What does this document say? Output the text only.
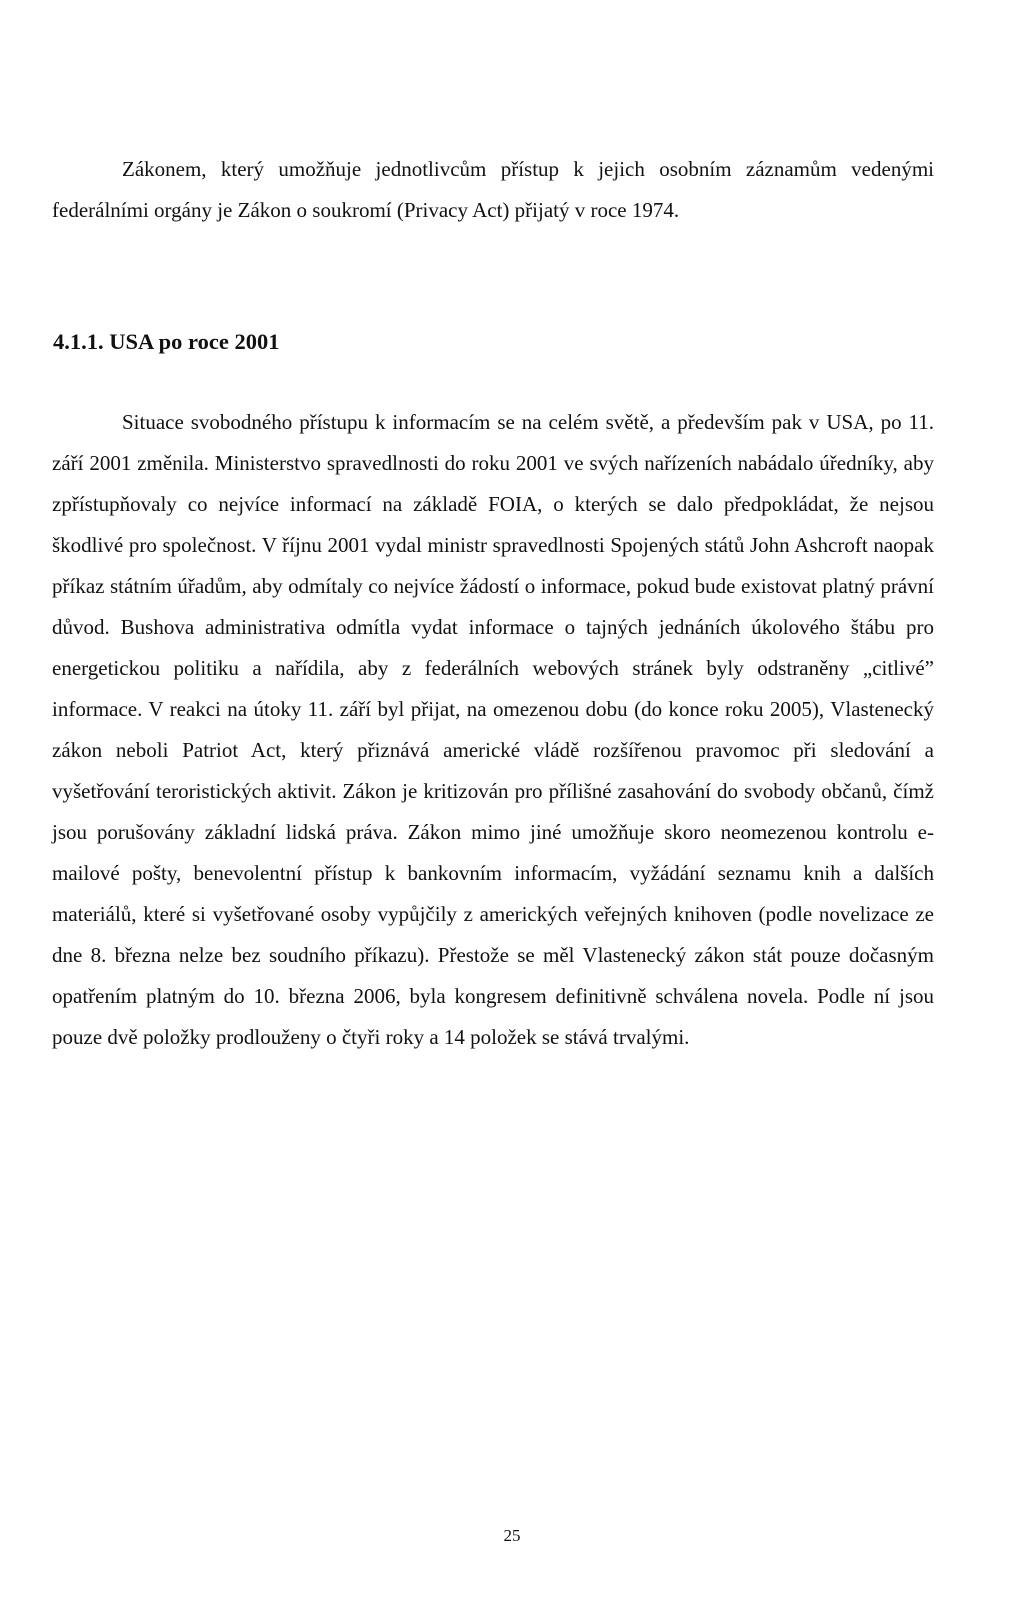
Zákonem, který umožňuje jednotlivcům přístup k jejich osobním záznamům vedenými federálními orgány je Zákon o soukromí (Privacy Act) přijatý v roce 1974.

4.1.1. USA po roce 2001

Situace svobodného přístupu k informacím se na celém světě, a především pak v USA, po 11. září 2001 změnila. Ministerstvo spravedlnosti do roku 2001 ve svých nařízeních nabádalo úředníky, aby zpřístupňovaly co nejvíce informací na základě FOIA, o kterých se dalo předpokládat, že nejsou škodlivé pro společnost. V říjnu 2001 vydal ministr spravedlnosti Spojených států John Ashcroft naopak příkaz státním úřadům, aby odmítaly co nejvíce žádostí o informace, pokud bude existovat platný právní důvod. Bushova administrativa odmítla vydat informace o tajných jednáních úkolového štábu pro energetickou politiku a nařídila, aby z federálních webových stránek byly odstraněny „citlivé” informace. V reakci na útoky 11. září byl přijat, na omezenou dobu (do konce roku 2005), Vlastenecký zákon neboli Patriot Act, který přiznává americké vládě rozšířenou pravomoc při sledování a vyšetřování teroristických aktivit. Zákon je kritizován pro přílišné zasahování do svobody občanů, čímž jsou porušovány základní lidská práva. Zákon mimo jiné umožňuje skoro neomezenou kontrolu e-mailové pošty, benevolentní přístup k bankovním informacím, vyžádání seznamu knih a dalších materiálů, které si vyšetřované osoby vypůjčily z amerických veřejných knihoven (podle novelizace ze dne 8. března nelze bez soudního příkazu). Přestože se měl Vlastenecký zákon stát pouze dočasným opatřením platným do 10. března 2006, byla kongresem definitivně schválena novela. Podle ní jsou pouze dvě položky prodlouženy o čtyři roky a 14 položek se stává trvalými.

25
